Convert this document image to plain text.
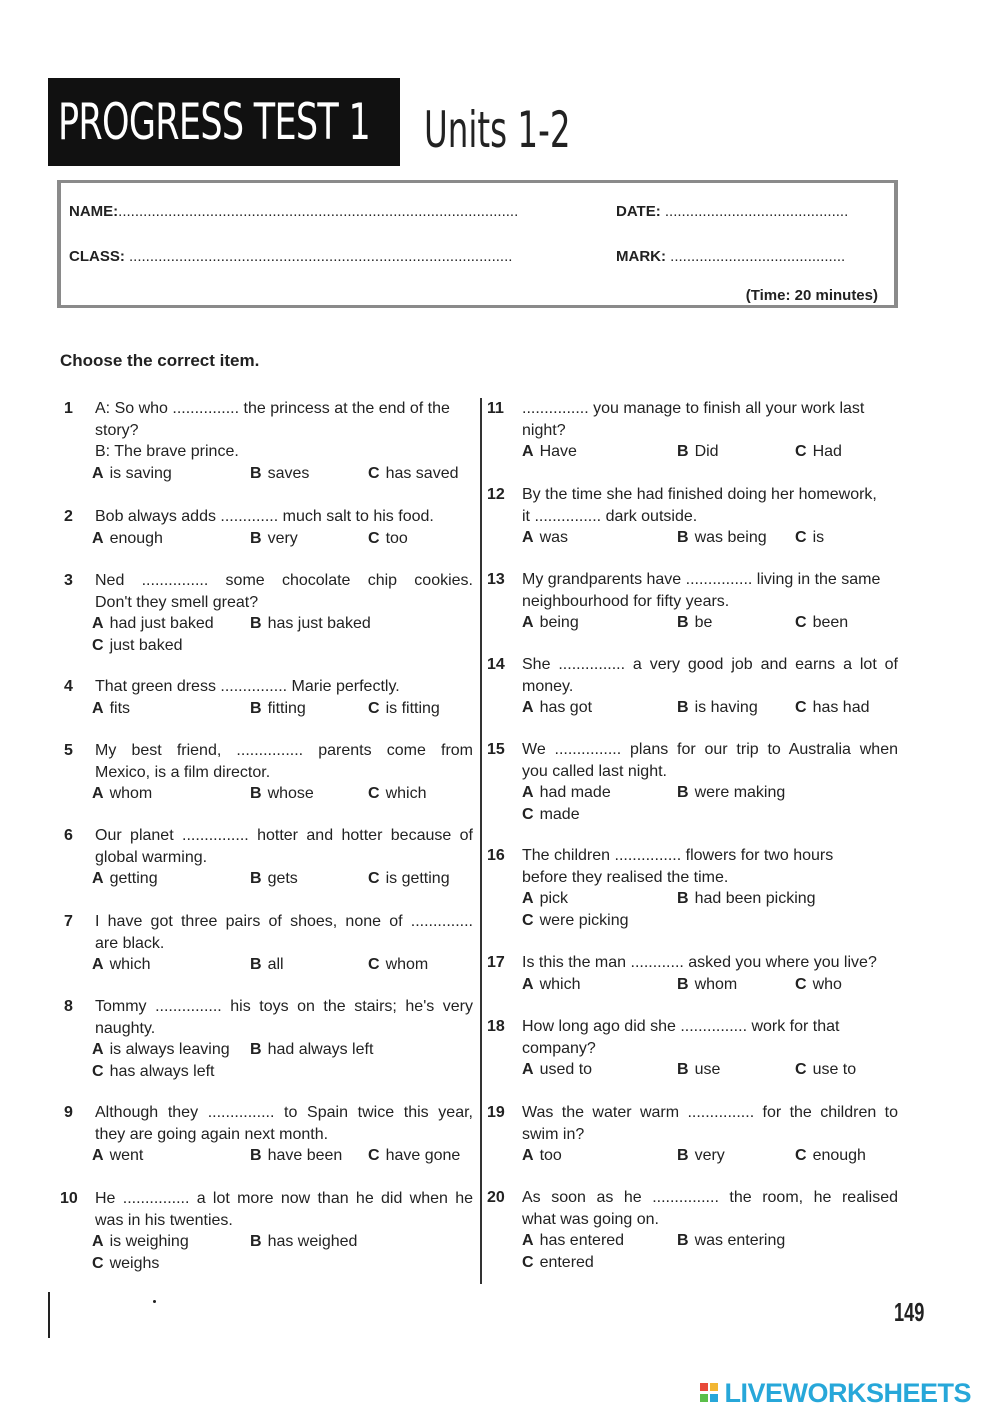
PROGRESS TEST 1 Units 1-2
NAME:................................................................................................	DATE: ............................................
CLASS: ............................................................................................	MARK: ..........................................
(Time: 20 minutes)
Choose the correct item.
1 A: So who ............... the princess at the end of the
story?
B: The brave prince.
A is saving	B saves	C has saved
2 Bob always adds ............. much salt to his food.
A enough	B very	C too
3 Ned ............... some chocolate chip cookies.
Don't they smell great?
A had just baked B has just baked
C just baked
4 That green dress ............... Marie perfectly.
A fits	B fitting	C is fitting
5 My best friend, ............... parents come from
Mexico, is a film director.
A whom	B whose	C which
6 Our planet ............... hotter and hotter because of
global warming.
A getting	B gets	C is getting
7 I have got three pairs of shoes, none of ..............
are black.
A which	B all	C whom
8 Tommy ............... his toys on the stairs; he's very
naughty.
A is always leaving B had always left
C has always left
9 Although they ............... to Spain twice this year,
they are going again next month.
A went	B have been C have gone
10 He ............... a lot more now than he did when he
was in his twenties.
A is weighing	B has weighed
C weighs
11 ............... you manage to finish all your work last
night?
A Have	B Did	C Had
12 By the time she had finished doing her homework,
it ............... dark outside.
A was	B was being C is
13 My grandparents have ............... living in the same
neighbourhood for fifty years.
A being	B be	C been
14 She ............... a very good job and earns a lot of
money.
A has got	B is having C has had
15 We ............... plans for our trip to Australia when
you called last night.
A had made	B were making
C made
16 The children ............... flowers for two hours
before they realised the time.
A pick	B had been picking
C were picking
17 Is this the man ............ asked you where you live?
A which	B whom	C who
18 How long ago did she ............... work for that
company?
A used to	B use	C use to
19 Was the water warm ............... for the children to
swim in?
A too	B very	C enough
20 As soon as he ............... the room, he realised
what was going on.
A has entered	B was entering
C entered
149
LIVEWORKSHEETS
